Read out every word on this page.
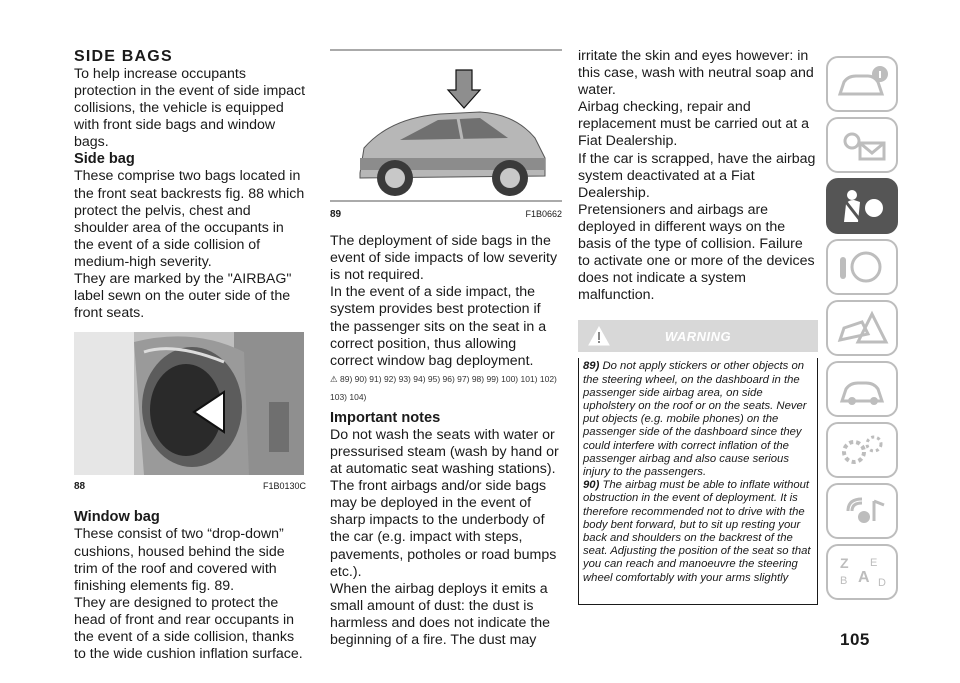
SIDE BAGS

To help increase occupants protection in the event of side impact collisions, the vehicle is equipped with front side bags and window bags.

Side bag

These comprise two bags located in the front seat backrests fig. 88 which protect the pelvis, chest and shoulder area of the occupants in the event of a side collision of medium-high severity.

They are marked by the "AIRBAG" label sewn on the outer side of the front seats.

88	F1B0130C
Window bag

These consist of two “drop-down” cushions, housed behind the side trim of the roof and covered with finishing elements fig. 89.

They are designed to protect the head of front and rear occupants in the event of a side collision, thanks to the wide cushion inflation surface.

89	F1B0662

The deployment of side bags in the event of side impacts of low severity is not required.

In the event of a side impact, the system provides best protection if the passenger sits on the seat in a correct position, thus allowing correct window bag deployment.

⚠ 89) 90) 91) 92) 93) 94) 95) 96) 97) 98) 99) 100) 101) 102) 103) 104)
Important notes

Do not wash the seats with water or pressurised steam (wash by hand or at automatic seat washing stations).

The front airbags and/or side bags may be deployed in the event of sharp impacts to the underbody of the car (e.g. impact with steps, pavements, potholes or road bumps etc.).

When the airbag deploys it emits a small amount of dust: the dust is harmless and does not indicate the beginning of a fire. The dust may

irritate the skin and eyes however: in this case, wash with neutral soap and water.

Airbag checking, repair and replacement must be carried out at a Fiat Dealership.

If the car is scrapped, have the airbag system deactivated at a Fiat Dealership.

Pretensioners and airbags are deployed in different ways on the basis of the type of collision. Failure to activate one or more of the devices does not indicate a system malfunction.

WARNING

89) Do not apply stickers or other objects on the steering wheel, on the dashboard in the passenger side airbag area, on side upholstery on the roof or on the seats. Never put objects (e.g. mobile phones) on the passenger side of the dashboard since they could interfere with correct inflation of the passenger airbag and also cause serious injury to the passengers.

90) The airbag must be able to inflate without obstruction in the event of deployment. It is therefore recommended not to drive with the body bent forward, but to sit up resting your back and shoulders on the backrest of the seat. Adjusting the position of the seat so that you can reach and manoeuvre the steering wheel comfortably with your arms slightly

Z E
B A D
105
